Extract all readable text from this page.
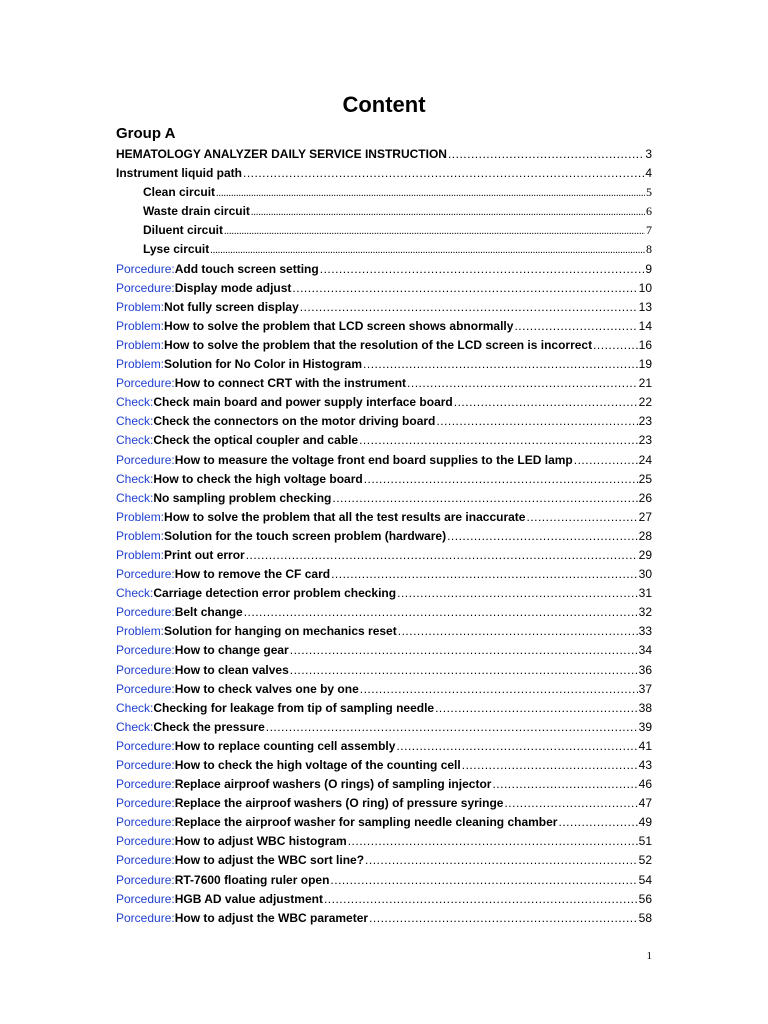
Content
Group A
HEMATOLOGY ANALYZER DAILY SERVICE INSTRUCTION .....	3
Instrument liquid path .....	4
Clean circuit .....	5
Waste drain circuit .....	6
Diluent circuit .....	7
Lyse circuit .....	8
Porcedure: Add touch screen setting .....	9
Porcedure: Display mode adjust .....	10
Problem: Not fully screen display .....	13
Problem: How to solve the problem that LCD screen shows abnormally .....	14
Problem: How to solve the problem that the resolution of the LCD screen is incorrect .....	16
Problem: Solution for No Color in Histogram .....	19
Porcedure: How to connect CRT with the instrument .....	21
Check: Check main board and power supply interface board .....	22
Check: Check the connectors on the motor driving board .....	23
Check: Check the optical coupler and cable .....	23
Porcedure: How to measure the voltage front end board supplies to the LED lamp .....	24
Check: How to check the high voltage board .....	25
Check: No sampling problem checking .....	26
Problem: How to solve the problem that all the test results are inaccurate .....	27
Problem: Solution for the touch screen problem (hardware) .....	28
Problem: Print out error .....	29
Porcedure: How to remove the CF card .....	30
Check: Carriage detection error problem checking .....	31
Porcedure: Belt change .....	32
Problem: Solution for hanging on mechanics reset .....	33
Porcedure: How to change gear .....	34
Porcedure: How to clean valves .....	36
Porcedure: How to check valves one by one .....	37
Check: Checking for leakage from tip of sampling needle .....	38
Check: Check the pressure .....	39
Porcedure: How to replace counting cell assembly .....	41
Porcedure: How to check the high voltage of the counting cell .....	43
Porcedure: Replace airproof washers (O rings) of sampling injector .....	46
Porcedure: Replace the airproof washers (O ring) of pressure syringe .....	47
Porcedure: Replace the airproof washer for sampling needle cleaning chamber .....	49
Porcedure: How to adjust WBC histogram .....	51
Porcedure: How to adjust the WBC sort line? .....	52
Porcedure: RT-7600 floating ruler open .....	54
Porcedure: HGB AD value adjustment .....	56
Porcedure: How to adjust the WBC parameter .....	58
1
